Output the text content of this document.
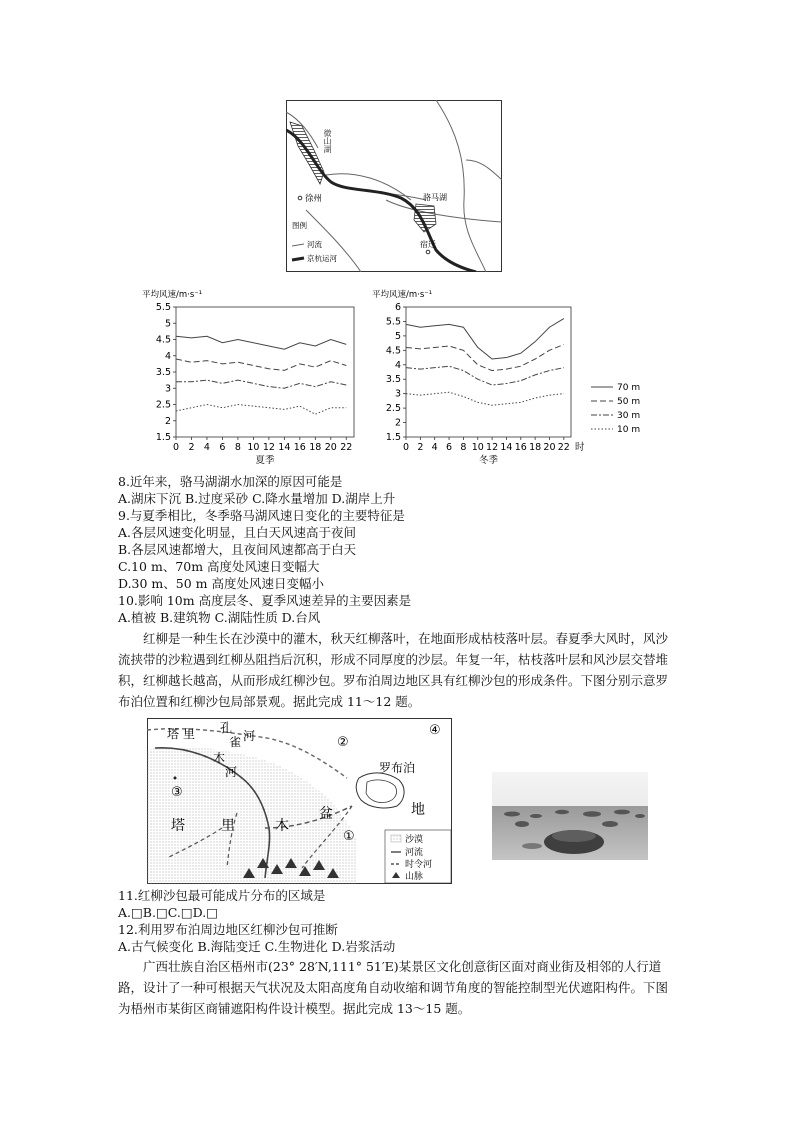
微山湖
徐州	骆马湖
宿迁
图例
河流
京杭运河
平均风速/m·s⁻¹
1.5
2
2.5
3
3.5
4
4.5
5
5.5
0 2 4 6 8 10 12 14 16 18 20 22
夏季
平均风速/m·s⁻¹
1.5
2
2.5
3
3.5
4
4.5
5
5.5
6
0 2 4 6 8 10 12 14 16 18 20 22 时
冬季
70 m
50 m
30 m
10 m
8.近年来，骆马湖湖水加深的原因可能是
A.湖床下沉 B.过度采砂 C.降水量增加 D.湖岸上升
9.与夏季相比，冬季骆马湖风速日变化的主要特征是
A.各层风速变化明显，且白天风速高于夜间
B.各层风速都增大，且夜间风速都高于白天
C.10 m、70m 高度处风速日变幅大
D.30 m、50 m 高度处风速日变幅小
10.影响 10m 高度层冬、夏季风速差异的主要因素是
A.植被 B.建筑物 C.湖陆性质 D.台风
红柳是一种生长在沙漠中的灌木，秋天红柳落叶，在地面形成枯枝落叶层。春夏季大风时，风沙流挟带的沙粒遇到红柳丛阻挡后沉积，形成不同厚度的沙层。年复一年，枯枝落叶层和风沙层交替堆积，红柳越长越高，从而形成红柳沙包。罗布泊周边地区具有红柳沙包的形成条件。下图分别示意罗布泊位置和红柳沙包局部景观。据此完成 11～12 题。
塔 里 孔
雀 河
木
河
③
②
④
①
塔	里	木
盆	地
罗布泊
沙漠
河流
时令河
山脉
11.红柳沙包最可能成片分布的区域是
A.□B.□C.□D.□
12.利用罗布泊周边地区红柳沙包可推断
A.古气候变化 B.海陆变迁 C.生物进化 D.岩浆活动
广西壮族自治区梧州市(23° 28′N,111° 51′E)某景区文化创意街区面对商业街及相邻的人行道路，设计了一种可根据天气状况及太阳高度角自动收缩和调节角度的智能控制型光伏遮阳构件。下图为梧州市某街区商铺遮阳构件设计模型。据此完成 13～15 题。
